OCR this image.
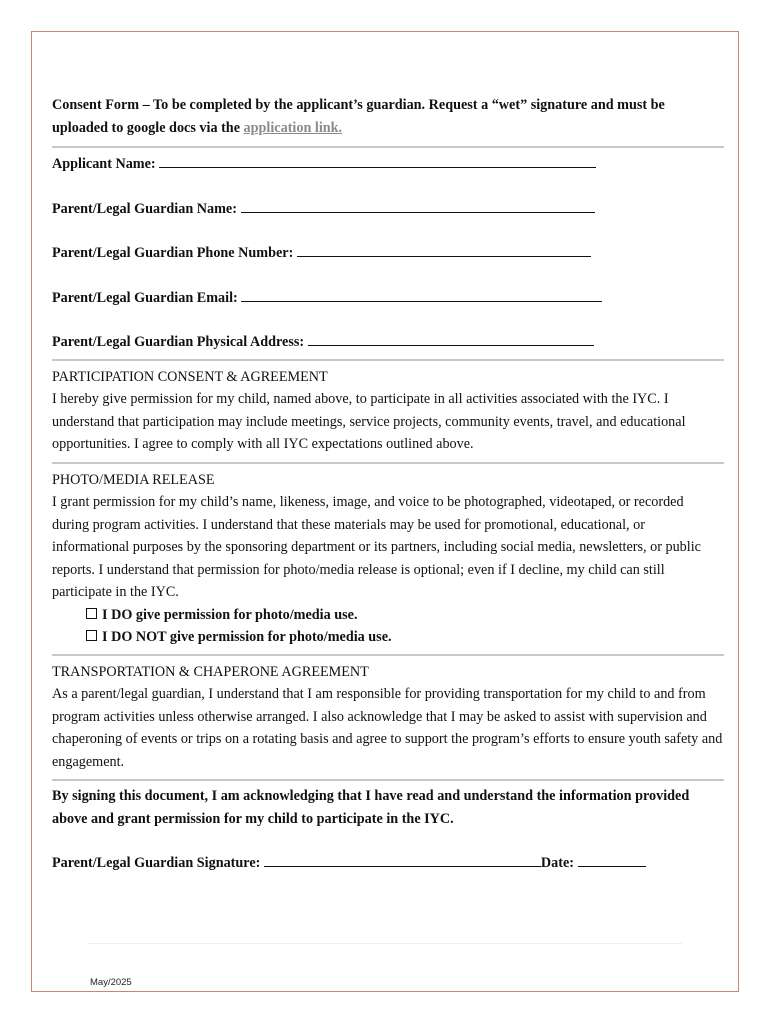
Consent Form – To be completed by the applicant’s guardian. Request a “wet” signature and must be uploaded to google docs via the application link.
Applicant Name:
Parent/Legal Guardian Name:
Parent/Legal Guardian Phone Number:
Parent/Legal Guardian Email:
Parent/Legal Guardian Physical Address:
PARTICIPATION CONSENT & AGREEMENT

I hereby give permission for my child, named above, to participate in all activities associated with the IYC. I understand that participation may include meetings, service projects, community events, travel, and educational opportunities. I agree to comply with all IYC expectations outlined above.

PHOTO/MEDIA RELEASE

I grant permission for my child’s name, likeness, image, and voice to be photographed, videotaped, or recorded during program activities. I understand that these materials may be used for promotional, educational, or informational purposes by the sponsoring department or its partners, including social media, newsletters, or public reports. I understand that permission for photo/media release is optional; even if I decline, my child can still participate in the IYC.

I DO give permission for photo/media use.
I DO NOT give permission for photo/media use.
TRANSPORTATION & CHAPERONE AGREEMENT

As a parent/legal guardian, I understand that I am responsible for providing transportation for my child to and from program activities unless otherwise arranged. I also acknowledge that I may be asked to assist with supervision and chaperoning of events or trips on a rotating basis and agree to support the program’s efforts to ensure youth safety and engagement.

By signing this document, I am acknowledging that I have read and understand the information provided above and grant permission for my child to participate in the IYC.

Parent/Legal Guardian Signature:	Date:
May/2025
